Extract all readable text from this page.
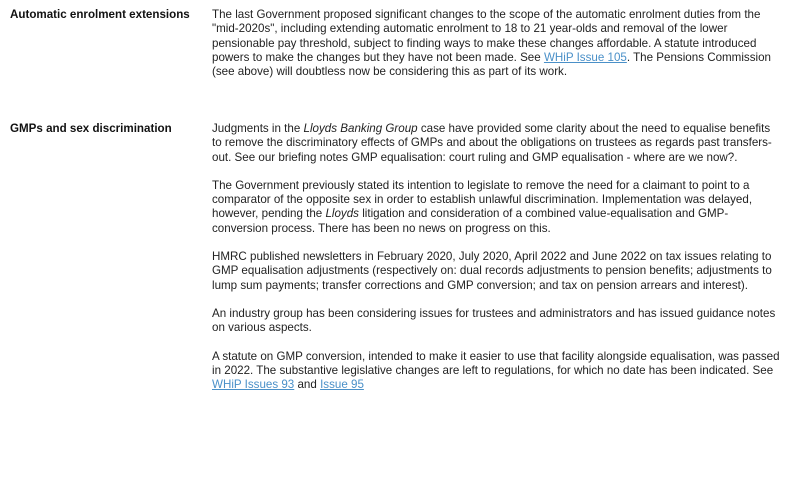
Automatic enrolment extensions	The last Government proposed significant changes to the scope of the automatic enrolment duties from the "mid-2020s", including extending automatic enrolment to 18 to 21 year-olds and removal of the lower pensionable pay threshold, subject to finding ways to make these changes affordable. A statute introduced powers to make the changes but they have not been made. See WHiP Issue 105. The Pensions Commission (see above) will doubtless now be considering this as part of its work.

GMPs and sex discrimination	Judgments in the Lloyds Banking Group case have provided some clarity about the need to equalise benefits to remove the discriminatory effects of GMPs and about the obligations on trustees as regards past transfers-out. See our briefing notes GMP equalisation: court ruling and GMP equalisation - where are we now?.

The Government previously stated its intention to legislate to remove the need for a claimant to point to a comparator of the opposite sex in order to establish unlawful discrimination. Implementation was delayed, however, pending the Lloyds litigation and consideration of a combined value-equalisation and GMP-conversion process. There has been no news on progress on this.

HMRC published newsletters in February 2020, July 2020, April 2022 and June 2022 on tax issues relating to GMP equalisation adjustments (respectively on: dual records adjustments to pension benefits; adjustments to lump sum payments; transfer corrections and GMP conversion; and tax on pension arrears and interest).

An industry group has been considering issues for trustees and administrators and has issued guidance notes on various aspects.

A statute on GMP conversion, intended to make it easier to use that facility alongside equalisation, was passed in 2022. The substantive legislative changes are left to regulations, for which no date has been indicated. See WHiP Issues 93 and Issue 95
